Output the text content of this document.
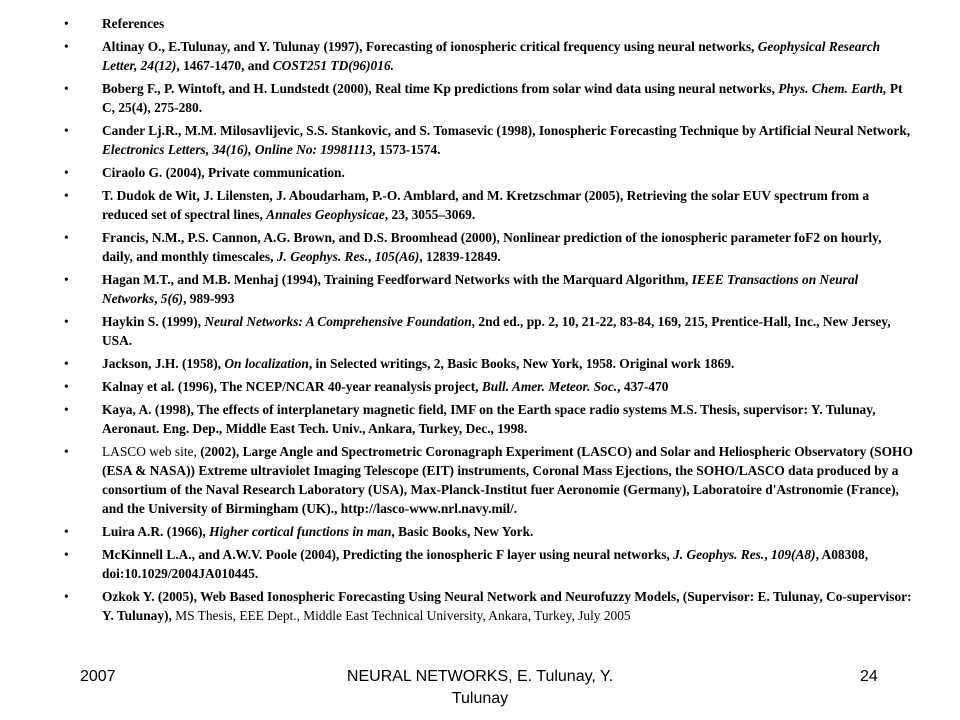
• References
• Altinay O., E.Tulunay, and Y. Tulunay (1997), Forecasting of ionospheric critical frequency using neural networks, Geophysical Research Letter, 24(12), 1467-1470, and COST251 TD(96)016.
• Boberg F., P. Wintoft, and H. Lundstedt (2000), Real time Kp predictions from solar wind data using neural networks, Phys. Chem. Earth, Pt C, 25(4), 275-280.
• Cander Lj.R., M.M. Milosavlijevic, S.S. Stankovic, and S. Tomasevic (1998), Ionospheric Forecasting Technique by Artificial Neural Network, Electronics Letters, 34(16), Online No: 19981113, 1573-1574.
• Ciraolo G. (2004), Private communication.
• T. Dudok de Wit, J. Lilensten, J. Aboudarham, P.-O. Amblard, and M. Kretzschmar (2005), Retrieving the solar EUV spectrum from a reduced set of spectral lines, Annales Geophysicae, 23, 3055–3069.
• Francis, N.M., P.S. Cannon, A.G. Brown, and D.S. Broomhead (2000), Nonlinear prediction of the ionospheric parameter foF2 on hourly, daily, and monthly timescales, J. Geophys. Res., 105(A6), 12839-12849.
• Hagan M.T., and M.B. Menhaj (1994), Training Feedforward Networks with the Marquard Algorithm, IEEE Transactions on Neural Networks, 5(6), 989-993
• Haykin S. (1999), Neural Networks: A Comprehensive Foundation, 2nd ed., pp. 2, 10, 21-22, 83-84, 169, 215, Prentice-Hall, Inc., New Jersey, USA.
• Jackson, J.H. (1958), On localization, in Selected writings, 2, Basic Books, New York, 1958. Original work 1869.
• Kalnay et al. (1996), The NCEP/NCAR 40-year reanalysis project, Bull. Amer. Meteor. Soc., 437-470
• Kaya, A. (1998), The effects of interplanetary magnetic field, IMF on the Earth space radio systems M.S. Thesis, supervisor: Y. Tulunay, Aeronaut. Eng. Dep., Middle East Tech. Univ., Ankara, Turkey, Dec., 1998.
• LASCO web site, (2002), Large Angle and Spectrometric Coronagraph Experiment (LASCO) and Solar and Heliospheric Observatory (SOHO (ESA & NASA)) Extreme ultraviolet Imaging Telescope (EIT) instruments, Coronal Mass Ejections, the SOHO/LASCO data produced by a consortium of the Naval Research Laboratory (USA), Max-Planck-Institut fuer Aeronomie (Germany), Laboratoire d'Astronomie (France), and the University of Birmingham (UK)., http://lasco-www.nrl.navy.mil/.
• Luira A.R. (1966), Higher cortical functions in man, Basic Books, New York.
• McKinnell L.A., and A.W.V. Poole (2004), Predicting the ionospheric F layer using neural networks, J. Geophys. Res., 109(A8), A08308, doi:10.1029/2004JA010445.
• Ozkok Y. (2005), Web Based Ionospheric Forecasting Using Neural Network and Neurofuzzy Models, (Supervisor: E. Tulunay, Co-supervisor: Y. Tulunay), MS Thesis, EEE Dept., Middle East Technical University, Ankara, Turkey, July 2005
2007	NEURAL NETWORKS, E. Tulunay, Y. Tulunay
24
